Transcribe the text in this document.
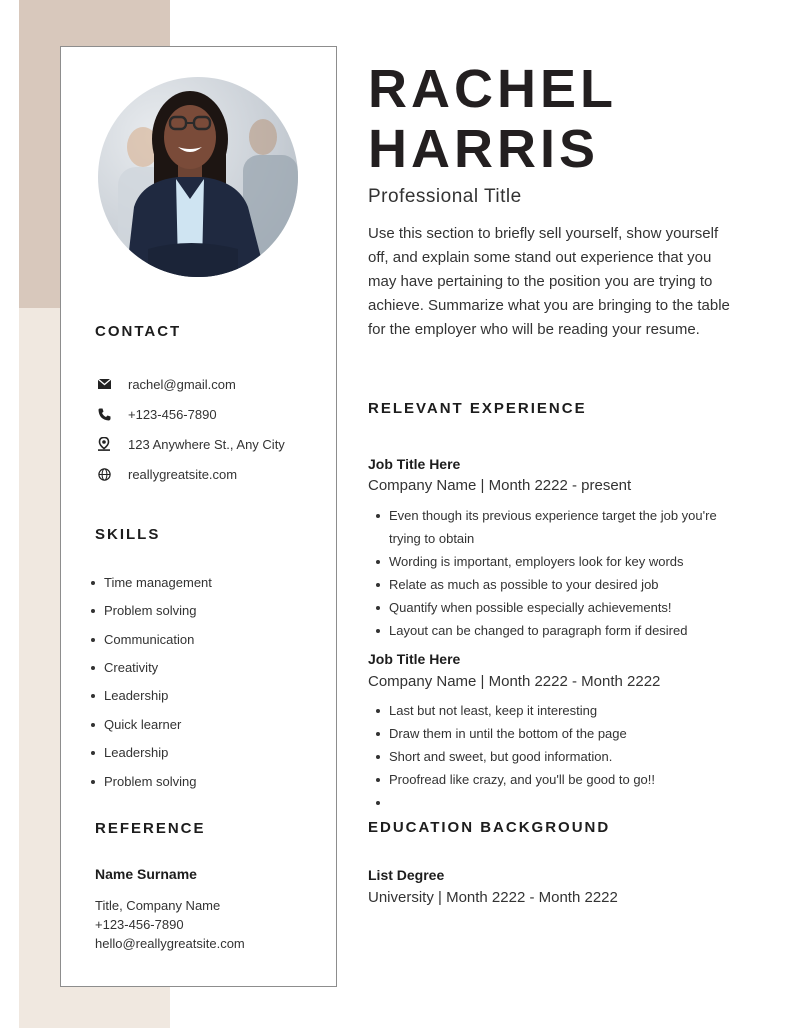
CONTACT
rachel@gmail.com
+123-456-7890
123 Anywhere St., Any City
reallygreatsite.com
SKILLS
Time management
Problem solving
Communication
Creativity
Leadership
Quick learner
Leadership
Problem solving
REFERENCE
Name Surname
Title, Company Name
+123-456-7890
hello@reallygreatsite.com
RACHEL
HARRIS
Professional Title
Use this section to briefly sell yourself, show yourself off, and explain some stand out experience that you may have pertaining to the position you are trying to achieve. Summarize what you are bringing to the table for the employer who will be reading your resume.
RELEVANT EXPERIENCE
Job Title Here
Company Name | Month 2222 - present
Even though its previous experience target the job you're trying to obtain
Wording is important, employers look for key words
Relate as much as possible to your desired job
Quantify when possible especially achievements!
Layout can be changed to paragraph form if desired
Job Title Here
Company Name | Month 2222 - Month 2222
Last but not least, keep it interesting
Draw them in until the bottom of the page
Short and sweet, but good information.
Proofread like crazy, and you'll be good to go!!
EDUCATION BACKGROUND
List Degree
University | Month 2222 - Month 2222
